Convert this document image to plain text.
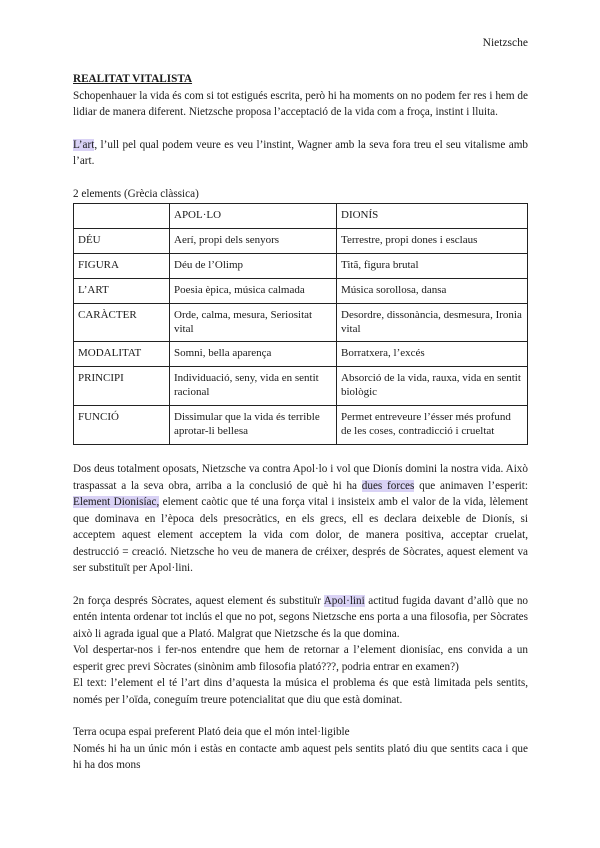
Nietzsche

REALITAT VITALISTA

Schopenhauer la vida és com si tot estigués escrita, però hi ha moments on no podem fer res i hem de lidiar de manera diferent. Nietzsche proposa l’acceptació de la vida com a froça, instint i lluita.

L’art, l’ull pel qual podem veure es veu l’instint, Wagner amb la seva fora treu el seu vitalisme amb l’art.

2 elements (Grècia clàssica)

	APOL·LO	DIONÍS
DÉU	Aerí, propi dels senyors	Terrestre, propi dones i esclaus
FIGURA	Déu de l’Olimp	Titã, figura brutal
L’ART	Poesia èpica, música calmada	Música sorollosa, dansa
CARÀCTER	Orde, calma, mesura, Seriositat vital	Desordre, dissonància, desmesura, Ironia vital
MODALITAT	Somni, bella aparença	Borratxera, l’excés
PRINCIPI	Individuació, seny, vida en sentit racional	Absorció de la vida, rauxa, vida en sentit biològic
FUNCIÓ	Dissimular que la vida és terrible aprotar-li bellesa	Permet entreveure l’ésser més profund de les coses, contradicció i crueltat

Dos deus totalment oposats, Nietzsche va contra Apol·lo i vol que Dionís domini la nostra vida. Això traspassat a la seva obra, arriba a la conclusió de què hi ha dues forces que animaven l’esperit: Element Dionisíac, element caòtic que té una força vital i insisteix amb el valor de la vida, lèlement que dominava en l’època dels presocràtics, en els grecs, ell es declara deixeble de Dionís, si acceptem aquest element acceptem la vida com dolor, de manera positiva, acceptar cruelat, destrucció = creació. Nietzsche ho veu de manera de créixer, després de Sòcrates, aquest element va ser substituït per Apol·lini.

2n força després Sòcrates, aquest element és substituïr Apol·lini actitud fugida davant d’allò que no entén intenta ordenar tot inclús el que no pot, segons Nietzsche ens porta a una filosofia, per Sòcrates això li agrada igual que a Plató. Malgrat que Nietzsche és la que domina.

Vol despertar-nos i fer-nos entendre que hem de retornar a l’element dionisíac, ens convida a un esperit grec previ Sòcrates (sinònim amb filosofia plató???, podria entrar en examen?)

El text: l’element el té l’art dins d’aquesta la música el problema és que està limitada pels sentits, només per l’oïda, coneguím treure potencialitat que diu que està dominat.

Terra ocupa espai preferent Plató deia que el món intel·ligible

Només hi ha un únic món i estàs en contacte amb aquest pels sentits plató diu que sentits caca i que hi ha dos mons
